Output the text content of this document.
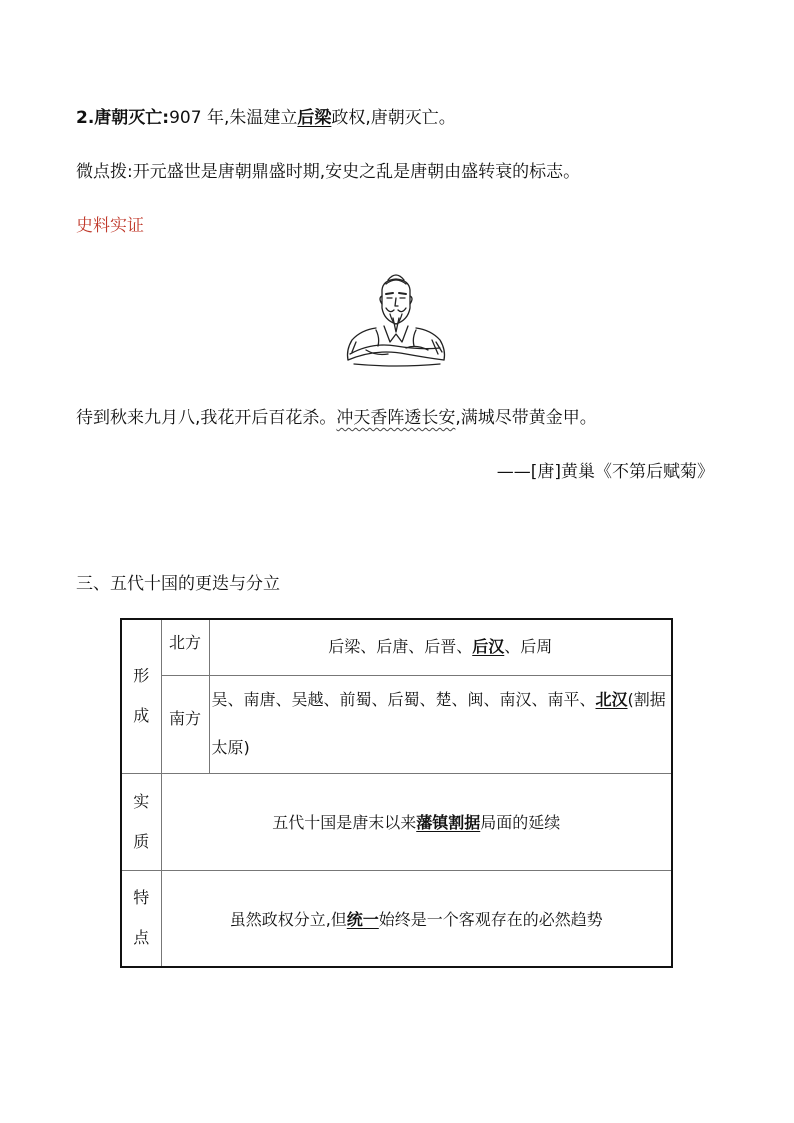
2.唐朝灭亡:907 年,朱温建立后梁政权,唐朝灭亡。
微点拨:开元盛世是唐朝鼎盛时期,安史之乱是唐朝由盛转衰的标志。
史料实证
待到秋来九月八,我花开后百花杀。冲天香阵透长安,满城尽带黄金甲。
——[唐]黄巢《不第后赋菊》
三、五代十国的更迭与分立
形成	北方	后梁、后唐、后晋、后汉、后周
	南方	吴、南唐、吴越、前蜀、后蜀、楚、闽、南汉、南平、北汉(割据太原)

实质	五代十国是唐末以来藩镇割据局面的延续	

特点	虽然政权分立,但统一始终是一个客观存在的必然趋势	
